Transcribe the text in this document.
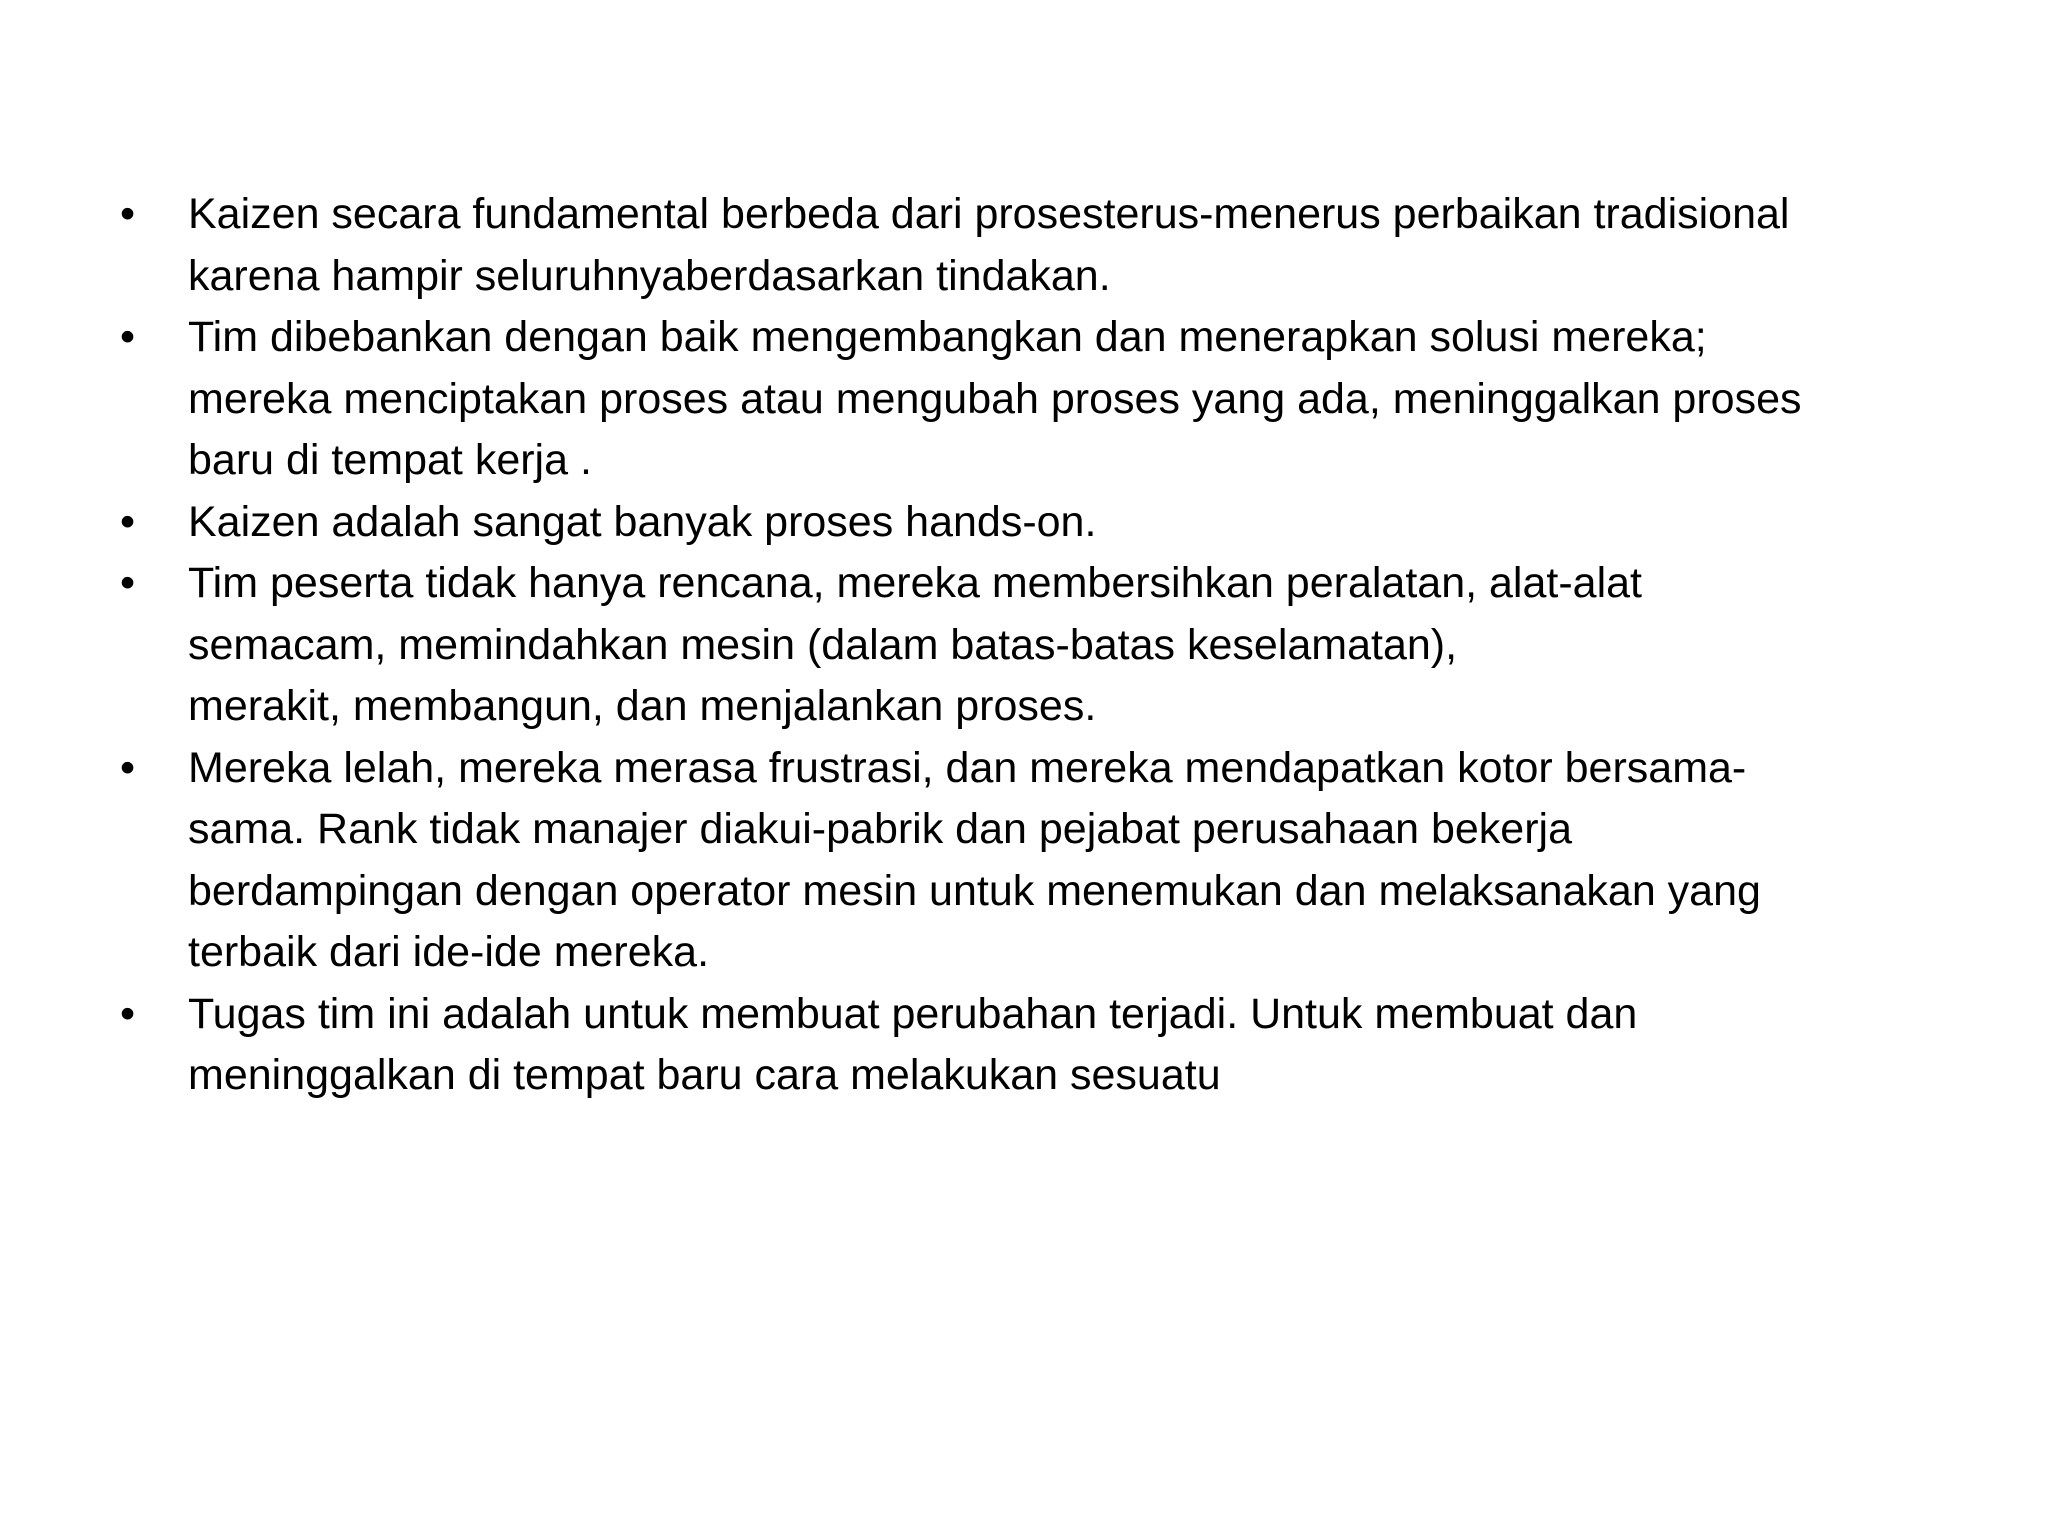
•	Kaizen secara fundamental berbeda dari prosesterus-menerus perbaikan tradisional
karena hampir seluruhnyaberdasarkan tindakan.
•	Tim dibebankan dengan baik mengembangkan dan menerapkan solusi mereka;
mereka menciptakan proses atau mengubah proses yang ada, meninggalkan proses
baru di tempat kerja .
•	Kaizen adalah sangat banyak proses hands-on.
•	Tim peserta tidak hanya rencana, mereka membersihkan peralatan, alat-alat
semacam, memindahkan mesin (dalam batas-batas keselamatan),
merakit, membangun, dan menjalankan proses.
•	Mereka lelah, mereka merasa frustrasi, dan mereka mendapatkan kotor bersama-
sama. Rank tidak manajer diakui-pabrik dan pejabat perusahaan bekerja
berdampingan dengan operator mesin untuk menemukan dan melaksanakan yang
terbaik dari ide-ide mereka.
•	Tugas tim ini adalah untuk membuat perubahan terjadi. Untuk membuat dan
meninggalkan di tempat baru cara melakukan sesuatu
